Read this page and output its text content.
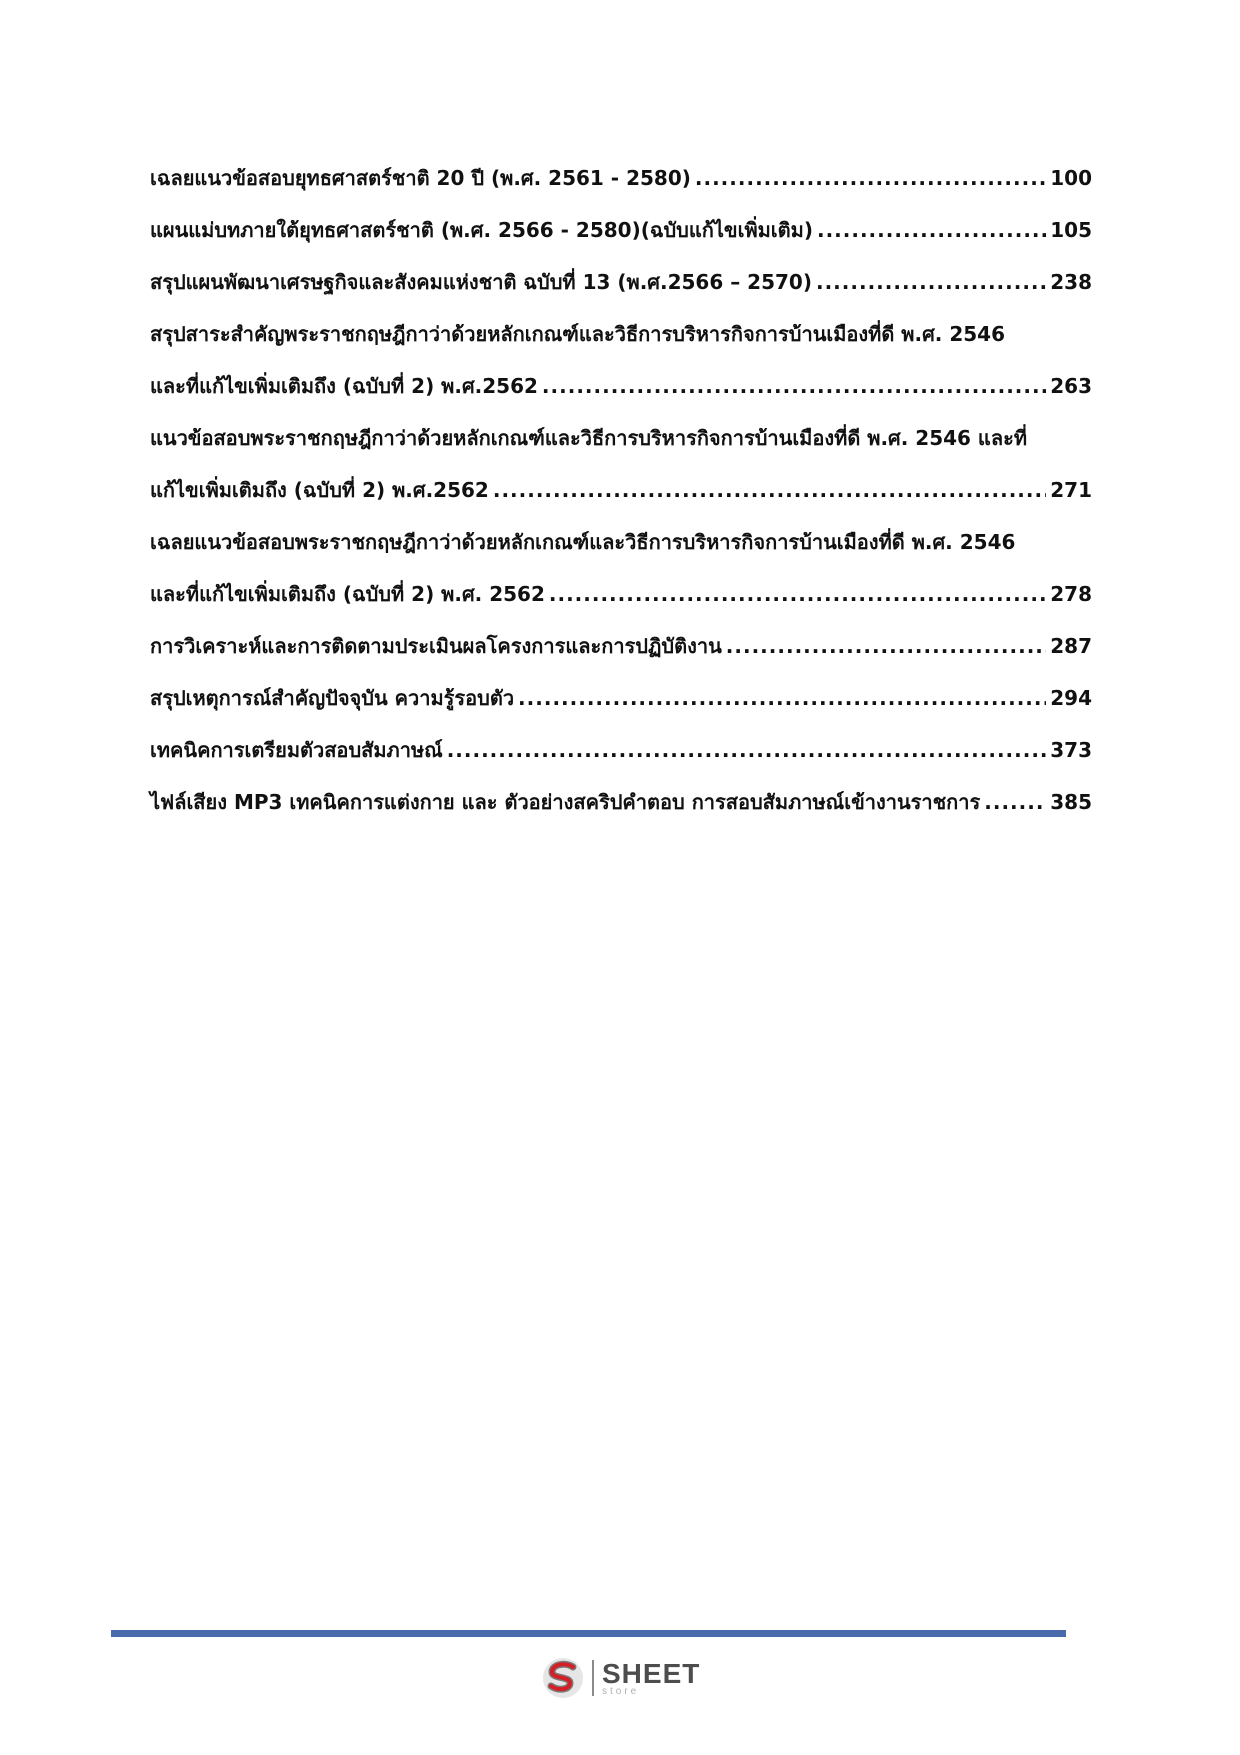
เฉลยแนวข้อสอบยุทธศาสตร์ชาติ 20 ปี (พ.ศ. 2561 - 2580) .....	100
แผนแม่บทภายใต้ยุทธศาสตร์ชาติ (พ.ศ. 2566 - 2580)(ฉบับแก้ไขเพิ่มเติม) .....	105
สรุปแผนพัฒนาเศรษฐกิจและสังคมแห่งชาติ ฉบับที่ 13 (พ.ศ.2566 – 2570) .....	238
สรุปสาระสำคัญพระราชกฤษฎีกาว่าด้วยหลักเกณฑ์และวิธีการบริหารกิจการบ้านเมืองที่ดี พ.ศ. 2546
และที่แก้ไขเพิ่มเติมถึง (ฉบับที่ 2) พ.ศ.2562 .....	263
แนวข้อสอบพระราชกฤษฎีกาว่าด้วยหลักเกณฑ์และวิธีการบริหารกิจการบ้านเมืองที่ดี พ.ศ. 2546 และที่
แก้ไขเพิ่มเติมถึง (ฉบับที่ 2) พ.ศ.2562 .....	271
เฉลยแนวข้อสอบพระราชกฤษฎีกาว่าด้วยหลักเกณฑ์และวิธีการบริหารกิจการบ้านเมืองที่ดี พ.ศ. 2546
และที่แก้ไขเพิ่มเติมถึง (ฉบับที่ 2) พ.ศ. 2562 .....	278
การวิเคราะห์และการติดตามประเมินผลโครงการและการปฏิบัติงาน .....	287
สรุปเหตุการณ์สำคัญปัจจุบัน ความรู้รอบตัว .....	294
เทคนิคการเตรียมตัวสอบสัมภาษณ์ .....	373
ไฟล์เสียง MP3 เทคนิคการแต่งกาย และ ตัวอย่างสคริปคำตอบ การสอบสัมภาษณ์เข้างานราชการ .....	385
SHEET
store
